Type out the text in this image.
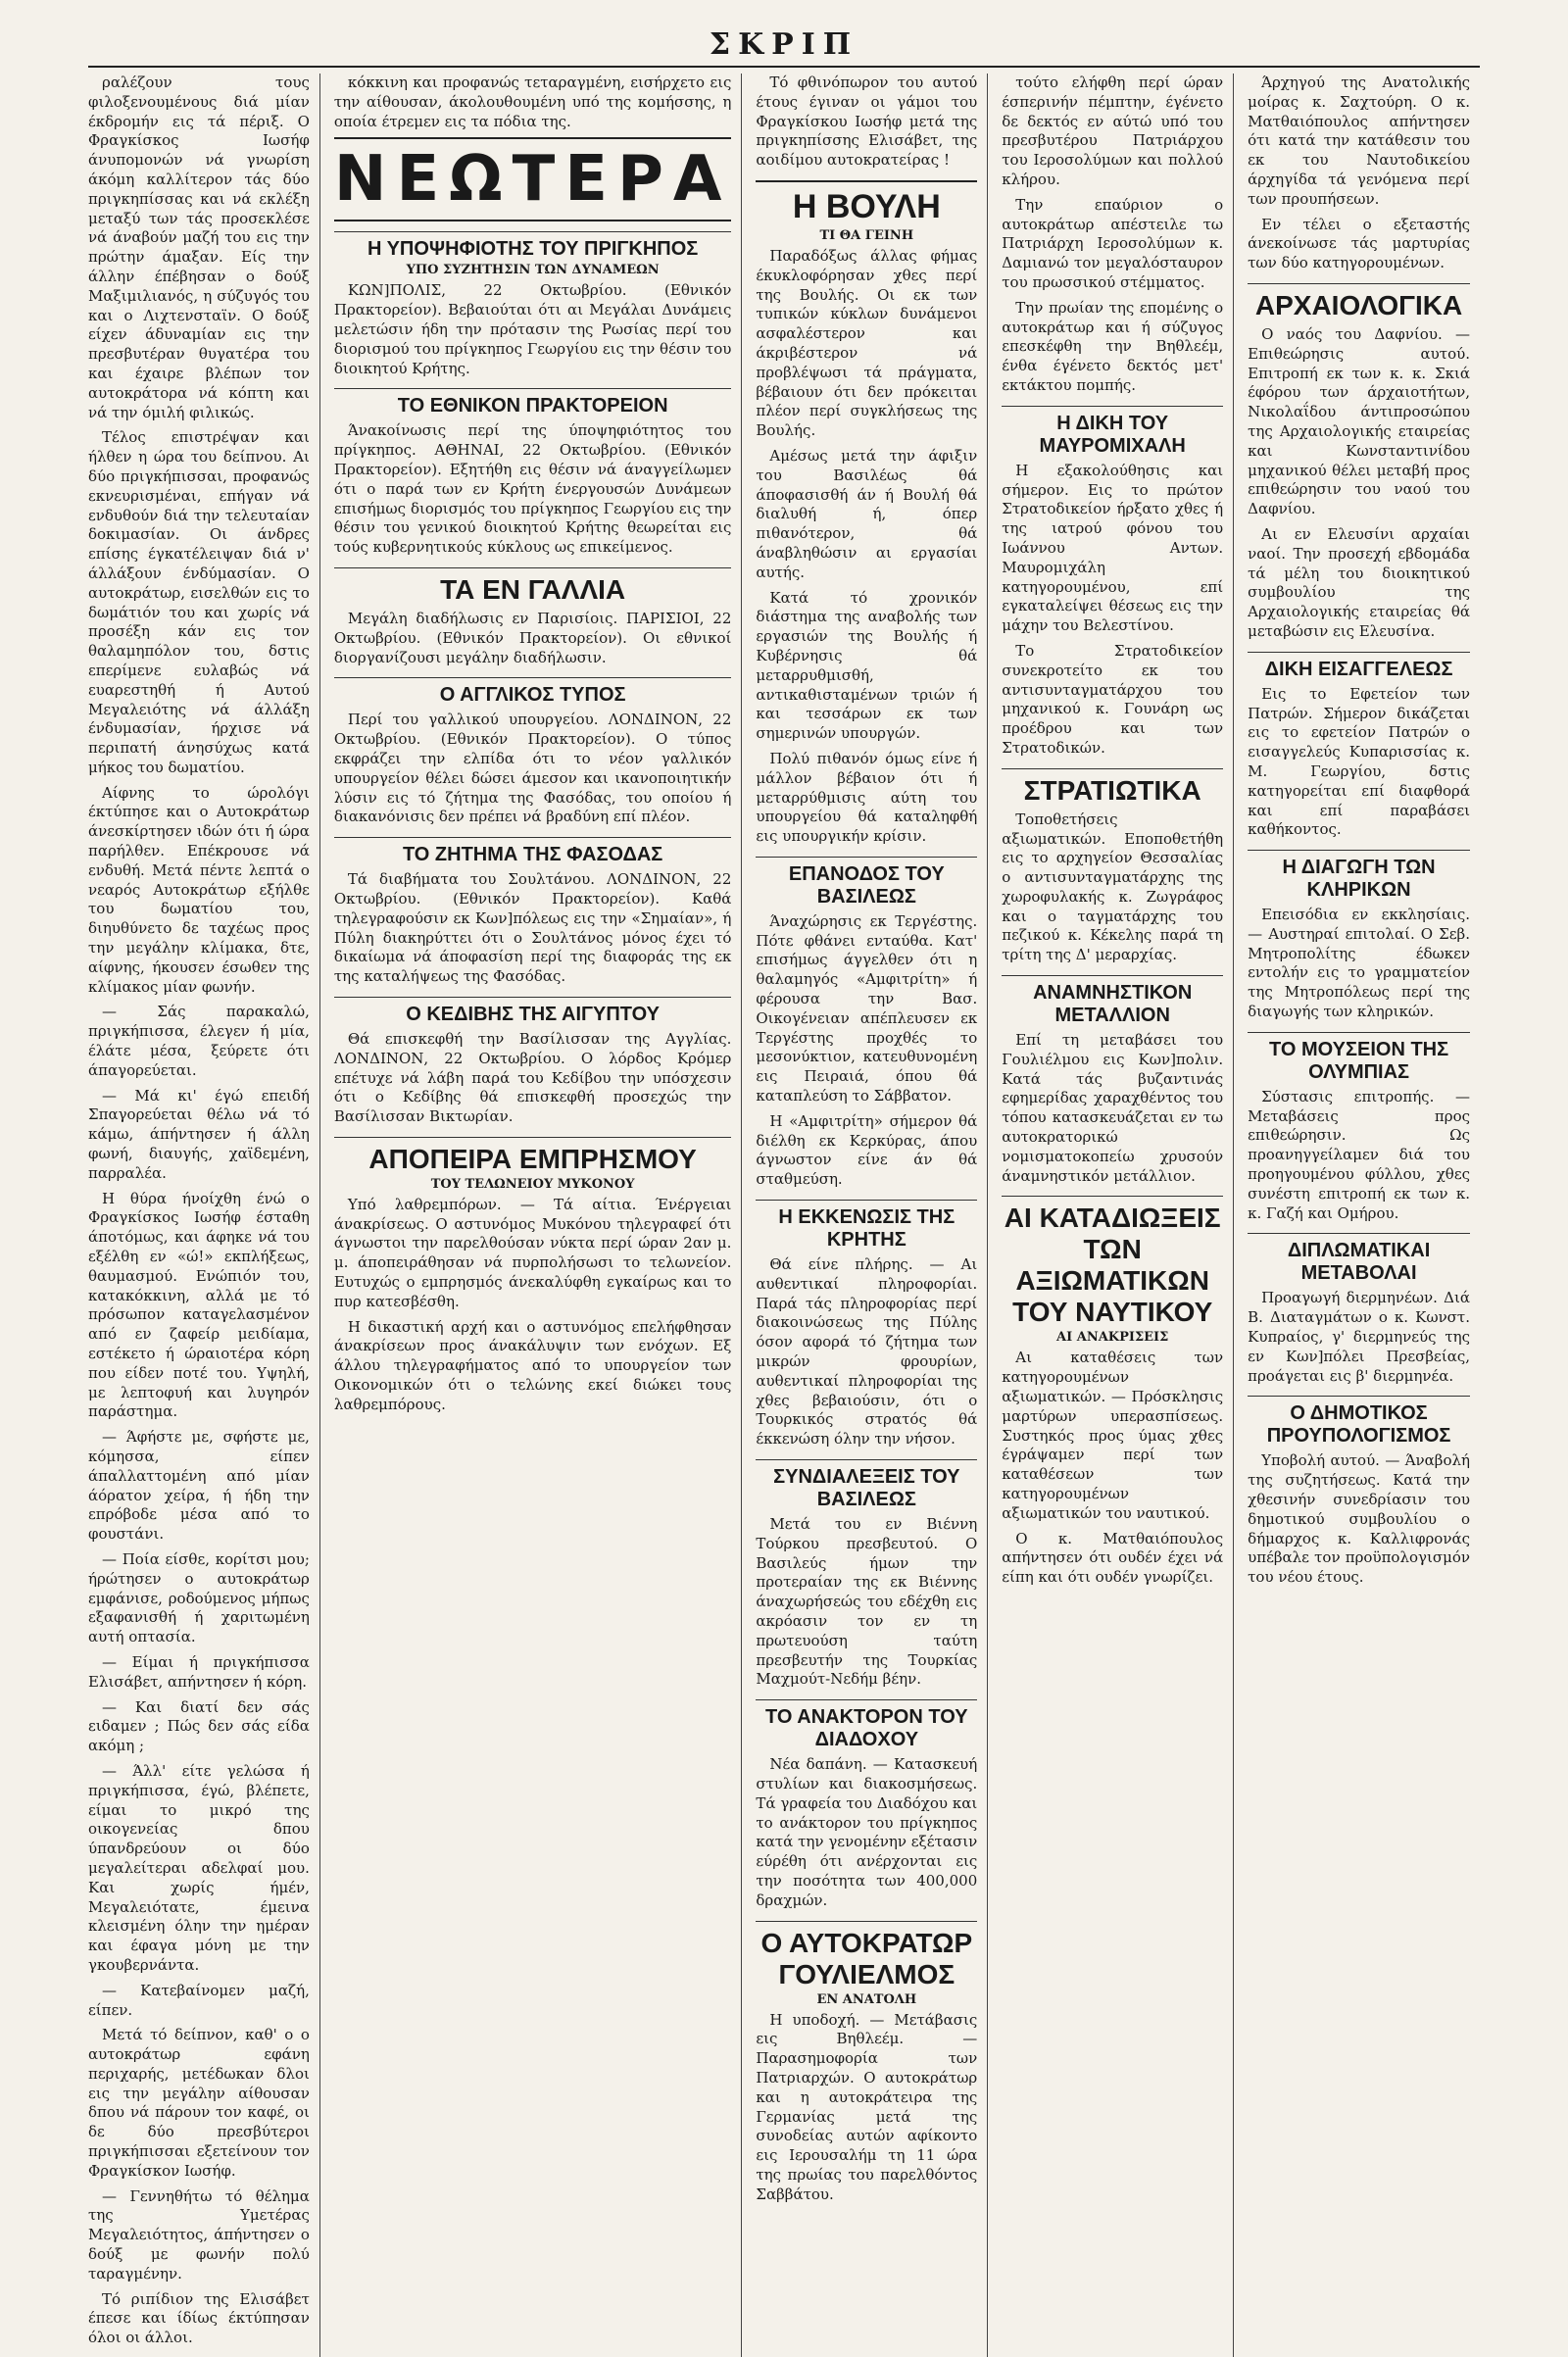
ΣΚΡΙΠ

ραλέζουν τους φιλοξενουμένους διά μίαν έκδρομήν εις τά πέριξ. Ο Φραγκίσκος Ιωσήφ άνυπομονών νά γνωρίση άκόμη καλλίτερον τάς δύο πριγκηπίσσας και νά εκλέξη μεταξύ των τάς προσεκλέσε νά άναβούν μαζή του εις την πρώτην άμαξαν. Είς την άλλην έπέβησαν ο δούξ Μαξιμιλιανός, η σύζυγός του και ο Λιχτενσταϊν. Ο δούξ είχεν άδυναμίαν εις την πρεσβυτέραν θυγατέρα του και έχαιρε βλέπων τον αυτοκράτορα νά κόπτη και νά την όμιλή φιλικώς.

Τέλος επιστρέψαν και ήλθεν η ώρα του δείπνου. Αι δύο πριγκήπισσαι, προφανώς εκνευρισμέναι, επήγαν νά ενδυθούν διά την τελευταίαν δοκιμασίαν. Οι άνδρες επίσης έγκατέλειψαν διά ν' άλλάξουν ένδύμασίαν. Ο αυτοκράτωρ, εισελθών εις το δωμάτιόν του και χωρίς νά προσέξη κάν εις τον θαλαμηπόλον του, δστις επερίμενε ευλαβώς νά ευαρεστηθή ή Αυτού Μεγαλειότης νά άλλάξη ένδυμασίαν, ήρχισε νά περιπατή άνησύχως κατά μήκος του δωματίου.

Αίφνης το ώρολόγι έκτύπησε και ο Αυτοκράτωρ άνεσκίρτησεν ιδών ότι ή ώρα παρήλθεν. Επέκρουσε νά ενδυθή. Μετά πέντε λεπτά ο νεαρός Αυτοκράτωρ εξήλθε του δωματίου του, διηυθύνετο δε ταχέως προς την μεγάλην κλίμακα, δτε, αίφνης, ήκουσεν έσωθεν της κλίμακος μίαν φωνήν.

— Σάς παρακαλώ, πριγκήπισσα, έλεγεν ή μία, έλάτε μέσα, ξεύρετε ότι άπαγορεύεται.

— Μά κι' έγώ επειδή Σπαγορεύεται θέλω νά τό κάμω, άπήντησεν ή άλλη φωνή, διαυγής, χαϊδεμένη, παρραλέα.

Η θύρα ήνοίχθη ένώ ο Φραγκίσκος Ιωσήφ έσταθη άποτόμως, και άφηκε νά του εξέλθη εν «ώ!» εκπλήξεως, θαυμασμού. Ενώπιόν του, κατακόκκινη, αλλά με τό πρόσωπον καταγελασμένον από εν ζαφείρ μειδίαμα, εστέκετο ή ώραιοτέρα κόρη που είδεν ποτέ του. Υψηλή, με λεπτοφυή και λυγηρόν παράστημα.

— Άφήστε με, σφήστε με, κόμησσα, είπεν άπαλλαττομένη από μίαν άόρατον χείρα, ή ήδη την επρόβοδε μέσα από το φουστάνι.

— Ποία είσθε, κορίτσι μου; ήρώτησεν ο αυτοκράτωρ εμφάνισε, ροδούμενος μήπως εξαφανισθή ή χαριτωμένη αυτή οπτασία.

— Είμαι ή πριγκήπισσα Ελισάβετ, απήντησεν ή κόρη.

— Και διατί δεν σάς ειδαμεν ; Πώς δεν σάς είδα ακόμη ;

— Άλλ' είτε γελώσα ή πριγκήπισσα, έγώ, βλέπετε, είμαι το μικρό της οικογενείας δπου ύπανδρεύουν οι δύο μεγαλείτεραι αδελφαί μου. Και χωρίς ήμέν, Μεγαλειότατε, έμεινα κλεισμένη όλην την ημέραν και έφαγα μόνη με την γκουβερνάντα.

— Κατεβαίνομεν μαζή, είπεν.

Μετά τό δείπνον, καθ' ο ο αυτοκράτωρ εφάνη περιχαρής, μετέδωκαν δλοι εις την μεγάλην αίθουσαν δπου νά πάρουν τον καφέ, οι δε δύο πρεσβύτεροι πριγκήπισσαι εξετείνουν τον Φραγκίσκον Ιωσήφ.

— Γεννηθήτω τό θέλημα της Υμετέρας Μεγαλειότητος, άπήντησεν ο δούξ με φωνήν πολύ ταραγμένην.

Τό ριπίδιον της Ελισάβετ έπεσε και ίδίως έκτύπησαν όλοι οι άλλοι.

κόκκινη και προφανώς τεταραγμένη, εισήρχετο εις την αίθουσαν, άκολουθουμένη υπό της κομήσσης, η οποία έτρεμεν εις τα πόδια της.

ΝΕΩΤΕΡΑ
Η ΥΠΟΨΗΦΙΟΤΗΣ ΤΟΥ ΠΡΙΓΚΗΠΟΣ
ΥΠΟ ΣΥΖΗΤΗΣΙΝ ΤΩΝ ΔΥΝΑΜΕΩΝ

ΚΩΝ]ΠΟΛΙΣ, 22 Οκτωβρίου. (Εθνικόν Πρακτορείον). Βεβαιούται ότι αι Μεγάλαι Δυνάμεις μελετώσιν ήδη την πρότασιν της Ρωσίας περί του διορισμού του πρίγκηπος Γεωργίου εις την θέσιν του διοικητού Κρήτης.

ΤΟ ΕΘΝΙΚΟΝ ΠΡΑΚΤΟΡΕΙΟΝ

Άνακοίνωσις περί της ύποψηφιότητος του πρίγκηπος. ΑΘΗΝΑΙ, 22 Οκτωβρίου. (Εθνικόν Πρακτορείον). Εξητήθη εις θέσιν νά άναγγείλωμεν ότι ο παρά των εν Κρήτη ένεργουσών Δυνάμεων επισήμως διορισμός του πρίγκηπος Γεωργίου εις την θέσιν του γενικού διοικητού Κρήτης θεωρείται εις τούς κυβερνητικούς κύκλους ως επικείμενος.

ΤΑ ΕΝ ΓΑΛΛΙΑ

Μεγάλη διαδήλωσις εν Παρισίοις. ΠΑΡΙΣΙΟΙ, 22 Οκτωβρίου. (Εθνικόν Πρακτορείον). Οι εθνικοί διοργανίζουσι μεγάλην διαδήλωσιν.

Ο ΑΓΓΛΙΚΟΣ ΤΥΠΟΣ

Περί του γαλλικού υπουργείου. ΛΟΝΔΙΝΟΝ, 22 Οκτωβρίου. (Εθνικόν Πρακτορείον). Ο τύπος εκφράζει την ελπίδα ότι το νέον γαλλικόν υπουργείον θέλει δώσει άμεσον και ικανοποιητικήν λύσιν εις τό ζήτημα της Φασόδας, του οποίου ή διακανόνισις δεν πρέπει νά βραδύνη επί πλέον.

ΤΟ ΖΗΤΗΜΑ ΤΗΣ ΦΑΣΟΔΑΣ

Τά διαβήματα του Σουλτάνου. ΛΟΝΔΙΝΟΝ, 22 Οκτωβρίου. (Εθνικόν Πρακτορείον). Καθά τηλεγραφούσιν εκ Κων]πόλεως εις την «Σημαίαν», ή Πύλη διακηρύττει ότι ο Σουλτάνος μόνος έχει τό δικαίωμα νά άποφασίση περί της διαφοράς της εκ της καταλήψεως της Φασόδας.

Ο ΚΕΔΙΒΗΣ ΤΗΣ ΑΙΓΥΠΤΟΥ

Θά επισκεφθή την Βασίλισσαν της Αγγλίας. ΛΟΝΔΙΝΟΝ, 22 Οκτωβρίου. Ο λόρδος Κρόμερ επέτυχε νά λάβη παρά του Κεδίβου την υπόσχεσιν ότι ο Κεδίβης θά επισκεφθή προσεχώς την Βασίλισσαν Βικτωρίαν.

ΑΠΟΠΕΙΡΑ ΕΜΠΡΗΣΜΟΥ
ΤΟΥ ΤΕΛΩΝΕΙΟΥ ΜΥΚΟΝΟΥ

Υπό λαθρεμπόρων. — Τά αίτια. Ένέργειαι άνακρίσεως. Ο αστυνόμος Μυκόνου τηλεγραφεί ότι άγνωστοι την παρελθούσαν νύκτα περί ώραν 2αν μ. μ. άποπειράθησαν νά πυρπολήσωσι το τελωνείον. Ευτυχώς ο εμπρησμός άνεκαλύφθη εγκαίρως και το πυρ κατεσβέσθη.

Η δικαστική αρχή και ο αστυνόμος επελήφθησαν άνακρίσεων προς άνακάλυψιν των ενόχων. Εξ άλλου τηλεγραφήματος από το υπουργείον των Οικονομικών ότι ο τελώνης εκεί διώκει τους λαθρεμπόρους.

Τό φθινόπωρον του αυτού έτους έγιναν οι γάμοι του Φραγκίσκου Ιωσήφ μετά της πριγκηπίσσης Ελισάβετ, της αοιδίμου αυτοκρατείρας !

Η ΒΟΥΛΗ
ΤΙ ΘΑ ΓΕΙΝΗ

Παραδόξως άλλας φήμας έκυκλοφόρησαν χθες περί της Βουλής. Οι εκ των τυπικών κύκλων δυνάμενοι ασφαλέστερον και άκριβέστερον νά προβλέψωσι τά πράγματα, βέβαιουν ότι δεν πρόκειται πλέον περί συγκλήσεως της Βουλής.

Αμέσως μετά την άφιξιν του Βασιλέως θά άποφασισθή άν ή Βουλή θά διαλυθή ή, όπερ πιθανότερον, θά άναβληθώσιν αι εργασίαι αυτής.

Κατά τό χρονικόν διάστημα της αναβολής των εργασιών της Βουλής ή Κυβέρνησις θά μεταρρυθμισθή, αντικαθισταμένων τριών ή και τεσσάρων εκ των σημερινών υπουργών.

Πολύ πιθανόν όμως είνε ή μάλλον βέβαιον ότι ή μεταρρύθμισις αύτη του υπουργείου θά καταληφθή εις υπουργικήν κρίσιν.

ΕΠΑΝΟΔΟΣ ΤΟΥ ΒΑΣΙΛΕΩΣ

Άναχώρησις εκ Τεργέστης. Πότε φθάνει ενταύθα. Κατ' επισήμως άγγελθεν ότι η θαλαμηγός «Αμφιτρίτη» ή φέρουσα την Βασ. Οικογένειαν απέπλευσεν εκ Τεργέστης προχθές το μεσονύκτιον, κατευθυνομένη εις Πειραιά, όπου θά καταπλεύση το Σάββατον.

Η «Αμφιτρίτη» σήμερον θά διέλθη εκ Κερκύρας, άπου άγνωστον είνε άν θά σταθμεύση.

Η ΕΚΚΕΝΩΣΙΣ ΤΗΣ ΚΡΗΤΗΣ

Θά είνε πλήρης. — Αι αυθεντικαί πληροφορίαι. Παρά τάς πληροφορίας περί διακοινώσεως της Πύλης όσον αφορά τό ζήτημα των μικρών φρουρίων, αυθεντικαί πληροφορίαι της χθες βεβαιούσιν, ότι ο Τουρκικός στρατός θά έκκενώση όλην την νήσον.

ΣΥΝΔΙΑΛΕΞΕΙΣ ΤΟΥ ΒΑΣΙΛΕΩΣ

Μετά του εν Βιέννη Τούρκου πρεσβευτού. Ο Βασιλεύς ήμων την προτεραίαν της εκ Βιέννης άναχωρήσεώς του εδέχθη εις ακρόασιν τον εν τη πρωτευούση ταύτη πρεσβευτήν της Τουρκίας Μαχμούτ-Νεδήμ βέην.

ΤΟ ΑΝΑΚΤΟΡΟΝ ΤΟΥ ΔΙΑΔΟΧΟΥ

Νέα δαπάνη. — Κατασκευή στυλίων και διακοσμήσεως. Τά γραφεία του Διαδόχου και το ανάκτορον του πρίγκηπος κατά την γενομένην εξέτασιν εύρέθη ότι ανέρχονται εις την ποσότητα των 400,000 δραχμών.

Ο ΑΥΤΟΚΡΑΤΩΡ ΓΟΥΛΙΕΛΜΟΣ
ΕΝ ΑΝΑΤΟΛΗ

Η υποδοχή. — Μετάβασις εις Βηθλεέμ. — Παρασημοφορία των Πατριαρχών. Ο αυτοκράτωρ και η αυτοκράτειρα της Γερμανίας μετά της συνοδείας αυτών αφίκοντο εις Ιερουσαλήμ τη 11 ώρα της πρωίας του παρελθόντος Σαββάτου.

τούτο ελήφθη περί ώραν έσπερινήν πέμπτην, έγένετο δε δεκτός εν αύτώ υπό του πρεσβυτέρου Πατριάρχου του Ιεροσολύμων και πολλού κλήρου.

Την επαύριον ο αυτοκράτωρ απέστειλε τω Πατριάρχη Ιεροσολύμων κ. Δαμιανώ τον μεγαλόσταυρον του πρωσσικού στέμματος.

Την πρωίαν της επομένης ο αυτοκράτωρ και ή σύζυγος επεσκέφθη την Βηθλεέμ, ένθα έγένετο δεκτός μετ' εκτάκτου πομπής.

Η ΔΙΚΗ ΤΟΥ ΜΑΥΡΟΜΙΧΑΛΗ

Η εξακολούθησις και σήμερον. Εις το πρώτον Στρατοδικείον ήρξατο χθες ή της ιατρού φόνου του Ιωάννου Αντων. Μαυρομιχάλη κατηγορουμένου, επί εγκαταλείψει θέσεως εις την μάχην του Βελεστίνου.

Το Στρατοδικείον συνεκροτείτο εκ του αντισυνταγματάρχου του μηχανικού κ. Γουνάρη ως προέδρου και των Στρατοδικών.

ΣΤΡΑΤΙΩΤΙΚΑ

Τοποθετήσεις αξιωματικών. Εποποθετήθη εις το αρχηγείον Θεσσαλίας ο αντισυνταγματάρχης της χωροφυλακής κ. Ζωγράφος και ο ταγματάρχης του πεζικού κ. Κέκελης παρά τη τρίτη της Δ' μεραρχίας.

ΑΝΑΜΝΗΣΤΙΚΟΝ ΜΕΤΑΛΛΙΟΝ

Επί τη μεταβάσει του Γουλιέλμου εις Κων]πολιν. Κατά τάς βυζαντινάς εφημερίδας χαραχθέντος του τόπου κατασκευάζεται εν τω αυτοκρατορικώ νομισματοκοπείω χρυσούν άναμνηστικόν μετάλλιον.

ΑΙ ΚΑΤΑΔΙΩΞΕΙΣ ΤΩΝ ΑΞΙΩΜΑΤΙΚΩΝ ΤΟΥ ΝΑΥΤΙΚΟΥ
ΑΙ ΑΝΑΚΡΙΣΕΙΣ

Αι καταθέσεις των κατηγορουμένων αξιωματικών. — Πρόσκλησις μαρτύρων υπερασπίσεως. Συστηκός προς ύμας χθες έγράψαμεν περί των καταθέσεων των κατηγορουμένων αξιωματικών του ναυτικού.

Ο κ. Ματθαιόπουλος απήντησεν ότι ουδέν έχει νά είπη και ότι ουδέν γνωρίζει.

Άρχηγού της Ανατολικής μοίρας κ. Σαχτούρη. Ο κ. Ματθαιόπουλος απήντησεν ότι κατά την κατάθεσιν του εκ του Ναυτοδικείου άρχηγίδα τά γενόμενα περί των προυπήσεων.

Εν τέλει ο εξεταστής άνεκοίνωσε τάς μαρτυρίας των δύο κατηγορουμένων.

ΑΡΧΑΙΟΛΟΓΙΚΑ

Ο ναός του Δαφνίου. — Επιθεώρησις αυτού. Επιτροπή εκ των κ. κ. Σκιά έφόρου των άρχαιοτήτων, Νικολαΐδου άντιπροσώπου της Αρχαιολογικής εταιρείας και Κωνσταντινίδου μηχανικού θέλει μεταβή προς επιθεώρησιν του ναού του Δαφνίου.

Αι εν Ελευσίνι αρχαίαι ναοί. Την προσεχή εβδομάδα τά μέλη του διοικητικού συμβουλίου της Αρχαιολογικής εταιρείας θά μεταβώσιν εις Ελευσίνα.

ΔΙΚΗ ΕΙΣΑΓΓΕΛΕΩΣ

Εις το Εφετείον των Πατρών. Σήμερον δικάζεται εις το εφετείον Πατρών ο εισαγγελεύς Κυπαρισσίας κ. Μ. Γεωργίου, δστις κατηγορείται επί διαφθορά και επί παραβάσει καθήκοντος.

Η ΔΙΑΓΩΓΗ ΤΩΝ ΚΛΗΡΙΚΩΝ

Επεισόδια εν εκκλησίαις. — Αυστηραί επιτολαί. Ο Σεβ. Μητροπολίτης έδωκεν εντολήν εις το γραμματείον της Μητροπόλεως περί της διαγωγής των κληρικών.

ΤΟ ΜΟΥΣΕΙΟΝ ΤΗΣ ΟΛΥΜΠΙΑΣ

Σύστασις επιτροπής. — Μεταβάσεις προς επιθεώρησιν. Ως προανηγγείλαμεν διά του προηγουμένου φύλλου, χθες συνέστη επιτροπή εκ των κ. κ. Γαζή και Ομήρου.

ΔΙΠΛΩΜΑΤΙΚΑΙ ΜΕΤΑΒΟΛΑΙ

Προαγωγή διερμηνέων. Διά Β. Διαταγμάτων ο κ. Κωνστ. Κυπραίος, γ' διερμηνεύς της εν Κων]πόλει Πρεσβείας, προάγεται εις β' διερμηνέα.

Ο ΔΗΜΟΤΙΚΟΣ ΠΡΟΥΠΟΛΟΓΙΣΜΟΣ

Υποβολή αυτού. — Άναβολή της συζητήσεως. Κατά την χθεσινήν συνεδρίασιν του δημοτικού συμβουλίου ο δήμαρχος κ. Καλλιφρονάς υπέβαλε τον προϋπολογισμόν του νέου έτους.
